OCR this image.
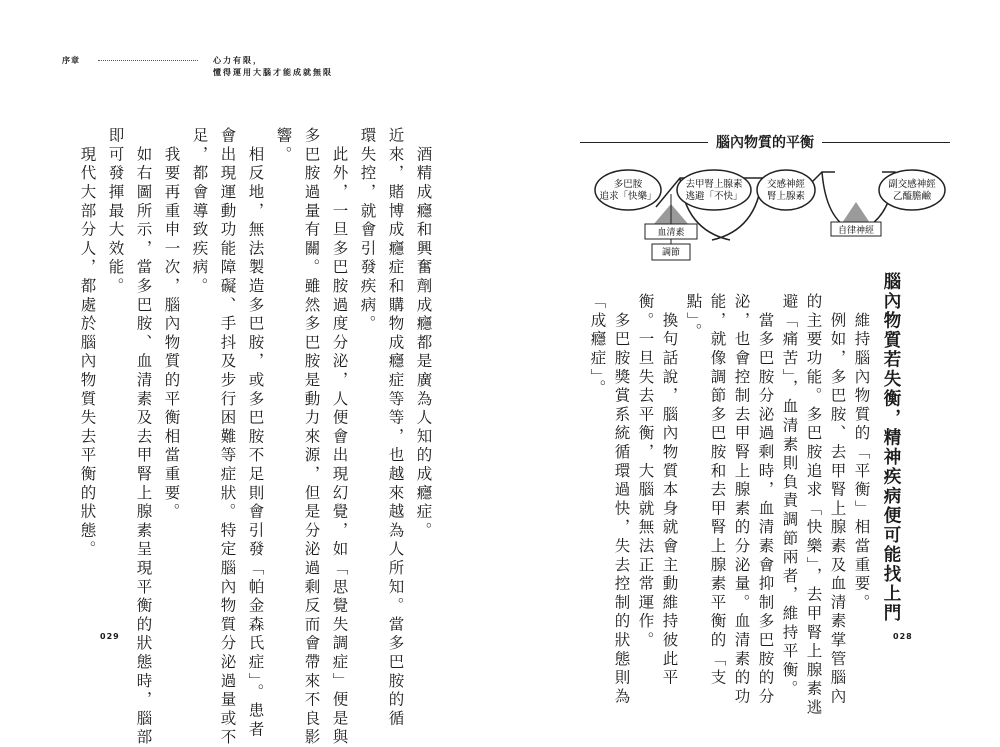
序章	心力有限，
懂得運用大腦才能成就無限
　酒精成癮和興奮劑成癮都是廣為人知的成癮症。
近來，賭博成癮症和購物成癮症等等，也越來越為人所知。當多巴胺的循
環失控，就會引發疾病。
　此外，一旦多巴胺過度分泌，人便會出現幻覺，如「思覺失調症」便是與
多巴胺過量有關。雖然多巴胺是動力來源，但是分泌過剩反而會帶來不良影
響。
　相反地，無法製造多巴胺，或多巴胺不足則會引發「帕金森氏症」。患者
會出現運動功能障礙、手抖及步行困難等症狀。特定腦內物質分泌過量或不
足，都會導致疾病。
　我要再重申一次，腦內物質的平衡相當重要。
　如右圖所示，當多巴胺、血清素及去甲腎上腺素呈現平衡的狀態時，腦部
即可發揮最大效能。
　現代大部分人，都處於腦內物質失去平衡的狀態。
029
腦內物質的平衡
多巴胺
追求「快樂」
去甲腎上腺素
逃避「不快」
血清素
調節
交感神經
腎上腺素
副交感神經
乙醯膽鹼
自律神經
腦內物質若失衡，精神疾病便可能找上門
　維持腦內物質的「平衡」相當重要。
　例如，多巴胺、去甲腎上腺素及血清素掌管腦內
的主要功能。多巴胺追求「快樂」，去甲腎上腺素逃
避「痛苦」，血清素則負責調節兩者，維持平衡。
　當多巴胺分泌過剩時，血清素會抑制多巴胺的分
泌，也會控制去甲腎上腺素的分泌量。血清素的功
能，就像調節多巴胺和去甲腎上腺素平衡的「支
點」。
　換句話說，腦內物質本身就會主動維持彼此平
衡。一旦失去平衡，大腦就無法正常運作。
　多巴胺獎賞系統循環過快，失去控制的狀態則為
「成癮症」。
028
